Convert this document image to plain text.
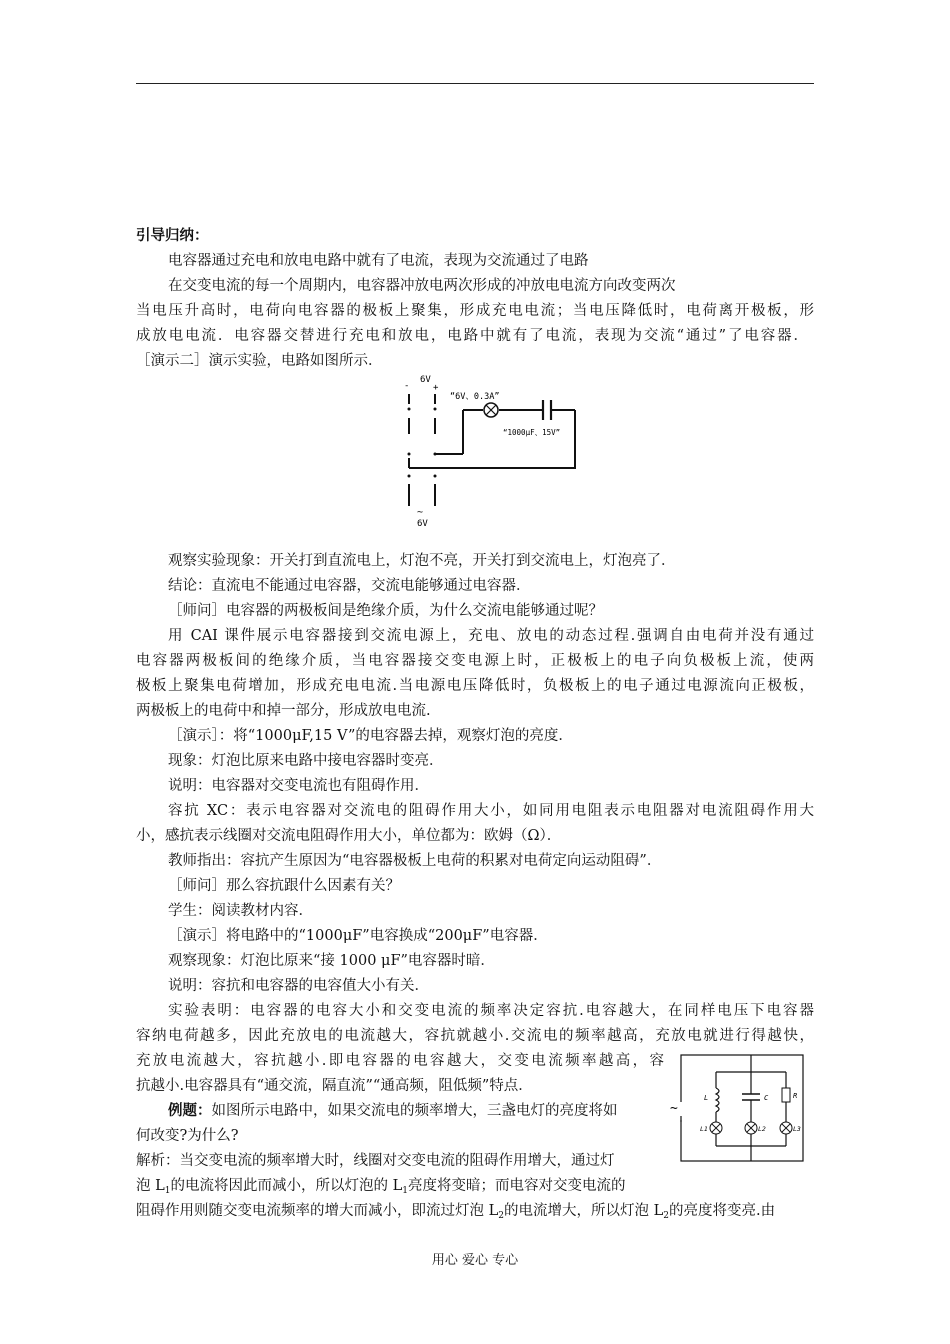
引导归纳：
电容器通过充电和放电电路中就有了电流，表现为交流通过了电路
在交变电流的每一个周期内，电容器冲放电两次形成的冲放电电流方向改变两次
当电压升高时，电荷向电容器的极板上聚集，形成充电电流；当电压降低时，电荷离开极板，形
成放电电流．电容器交替进行充电和放电，电路中就有了电流，表现为交流“通过”了电容器．
［演示二］演示实验，电路如图所示．
-
6V
+
“6V、0.3A”
“1000μF、15V”
~
6V
观察实验现象：开关打到直流电上，灯泡不亮，开关打到交流电上，灯泡亮了．
结论：直流电不能通过电容器，交流电能够通过电容器．
［师问］电容器的两极板间是绝缘介质，为什么交流电能够通过呢？
用 CAI 课件展示电容器接到交流电源上，充电、放电的动态过程.强调自由电荷并没有通过
电容器两极板间的绝缘介质，当电容器接交变电源上时，正极板上的电子向负极板上流，使两
极板上聚集电荷增加，形成充电电流.当电源电压降低时，负极板上的电子通过电源流向正极板，
两极板上的电荷中和掉一部分，形成放电电流.
［演示］：将“1000μF,15 V”的电容器去掉，观察灯泡的亮度．
现象：灯泡比原来电路中接电容器时变亮．
说明：电容器对交变电流也有阻碍作用．
容抗 XC：表示电容器对交流电的阻碍作用大小，如同用电阻表示电阻器对电流阻碍作用大
小，感抗表示线圈对交流电阻碍作用大小，单位都为：欧姆（Ω）．
教师指出：容抗产生原因为“电容器极板上电荷的积累对电荷定向运动阻碍”．
［师问］那么容抗跟什么因素有关？
学生：阅读教材内容．
［演示］将电路中的“1000μF”电容换成“200μF”电容器．
观察现象：灯泡比原来“接 1000 μF”电容器时暗．
说明：容抗和电容器的电容值大小有关．
实验表明：电容器的电容大小和交变电流的频率决定容抗.电容越大，在同样电压下电容器
容纳电荷越多，因此充放电的电流越大，容抗就越小.交流电的频率越高，充放电就进行得越快，
充放电流越大，容抗越小.即电容器的电容越大，交变电流频率越高，容
抗越小.电容器具有“通交流，隔直流”“通高频，阻低频”特点．
例题：如图所示电路中，如果交流电的频率增大，三盏电灯的亮度将如
何改变?为什么?
解析：当交变电流的频率增大时，线圈对交变电流的阻碍作用增大，通过灯
泡 $L_1$的电流将因此而减小，所以灯泡的 $L_1$亮度将变暗；而电容对交变电流的
阻碍作用则随交变电流频率的增大而减小，即流过灯泡 $L_2$的电流增大，所以灯泡 $L_2$的亮度将变亮.由
~
L
L1
C
L2
R
L3
用心 爱心 专心
